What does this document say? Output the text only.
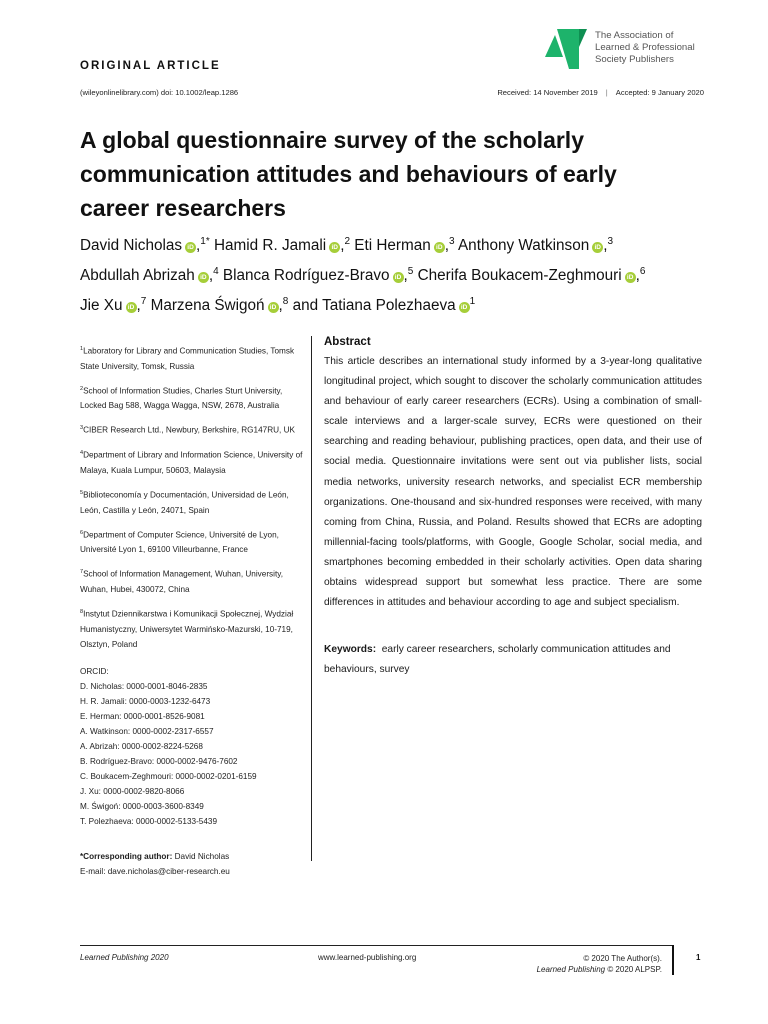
ORIGINAL ARTICLE
The Association of
Learned & Professional
Society Publishers
(wileyonlinelibrary.com) doi: 10.1002/leap.1286	Received: 14 November 2019 | Accepted: 9 January 2020
A global questionnaire survey of the scholarly communication attitudes and behaviours of early career researchers
David Nicholas iD ,$^{1*}$ Hamid R. Jamali iD ,$^2$ Eti Herman iD ,$^3$ Anthony Watkinson iD ,$^3$
Abdullah Abrizah iD ,$^4$ Blanca Rodríguez-Bravo iD ,$^5$ Cherifa Boukacem-Zeghmouri iD ,$^6$
Jie Xu iD ,$^7$ Marzena Świgoń iD ,$^8$ and Tatiana Polezhaeva $iD^1$
$^1$Laboratory for Library and Communication Studies, Tomsk State University, Tomsk, Russia
$^2$School of Information Studies, Charles Sturt University, Locked Bag 588, Wagga Wagga, NSW, 2678, Australia
$^3$CIBER Research Ltd., Newbury, Berkshire, RG147RU, UK
$^4$Department of Library and Information Science, University of Malaya, Kuala Lumpur, 50603, Malaysia
$^5$Biblioteconomía y Documentación, Universidad de León, León, Castilla y León, 24071, Spain
$^6$Department of Computer Science, Université de Lyon, Université Lyon 1, 69100 Villeurbanne, France
$^7$School of Information Management, Wuhan, University, Wuhan, Hubei, 430072, China
$^8$Instytut Dziennikarstwa i Komunikacji Społecznej, Wydział Humanistyczny, Uniwersytet Warmińsko-Mazurski, 10-719, Olsztyn, Poland
ORCID:
D. Nicholas: 0000-0001-8046-2835
H. R. Jamali: 0000-0003-1232-6473
E. Herman: 0000-0001-8526-9081
A. Watkinson: 0000-0002-2317-6557
A. Abrizah: 0000-0002-8224-5268
B. Rodríguez-Bravo: 0000-0002-9476-7602
C. Boukacem-Zeghmouri: 0000-0002-0201-6159
J. Xu: 0000-0002-9820-8066
M. Świgoń: 0000-0003-3600-8349
T. Polezhaeva: 0000-0002-5133-5439
*Corresponding author: David Nicholas
E-mail: dave.nicholas@ciber-research.eu
Abstract

This article describes an international study informed by a 3-year-long qualitative longitudinal project, which sought to discover the scholarly communication attitudes and behaviour of early career researchers (ECRs). Using a combination of small-scale interviews and a larger-scale survey, ECRs were questioned on their searching and reading behaviour, publishing practices, open data, and their use of social media. Questionnaire invitations were sent out via publisher lists, social media networks, university research networks, and specialist ECR membership organizations. One-thousand and six-hundred responses were received, with many coming from China, Russia, and Poland. Results showed that ECRs are adopting millennial-facing tools/platforms, with Google, Google Scholar, social media, and smartphones becoming embedded in their scholarly activities. Open data sharing obtains widespread support but somewhat less practice. There are some differences in attitudes and behaviour according to age and subject specialism.

Keywords: early career researchers, scholarly communication attitudes and behaviours, survey

Learned Publishing 2020	www.learned-publishing.org	© 2020 The Author(s).
Learned Publishing © 2020 ALPSP.
1
